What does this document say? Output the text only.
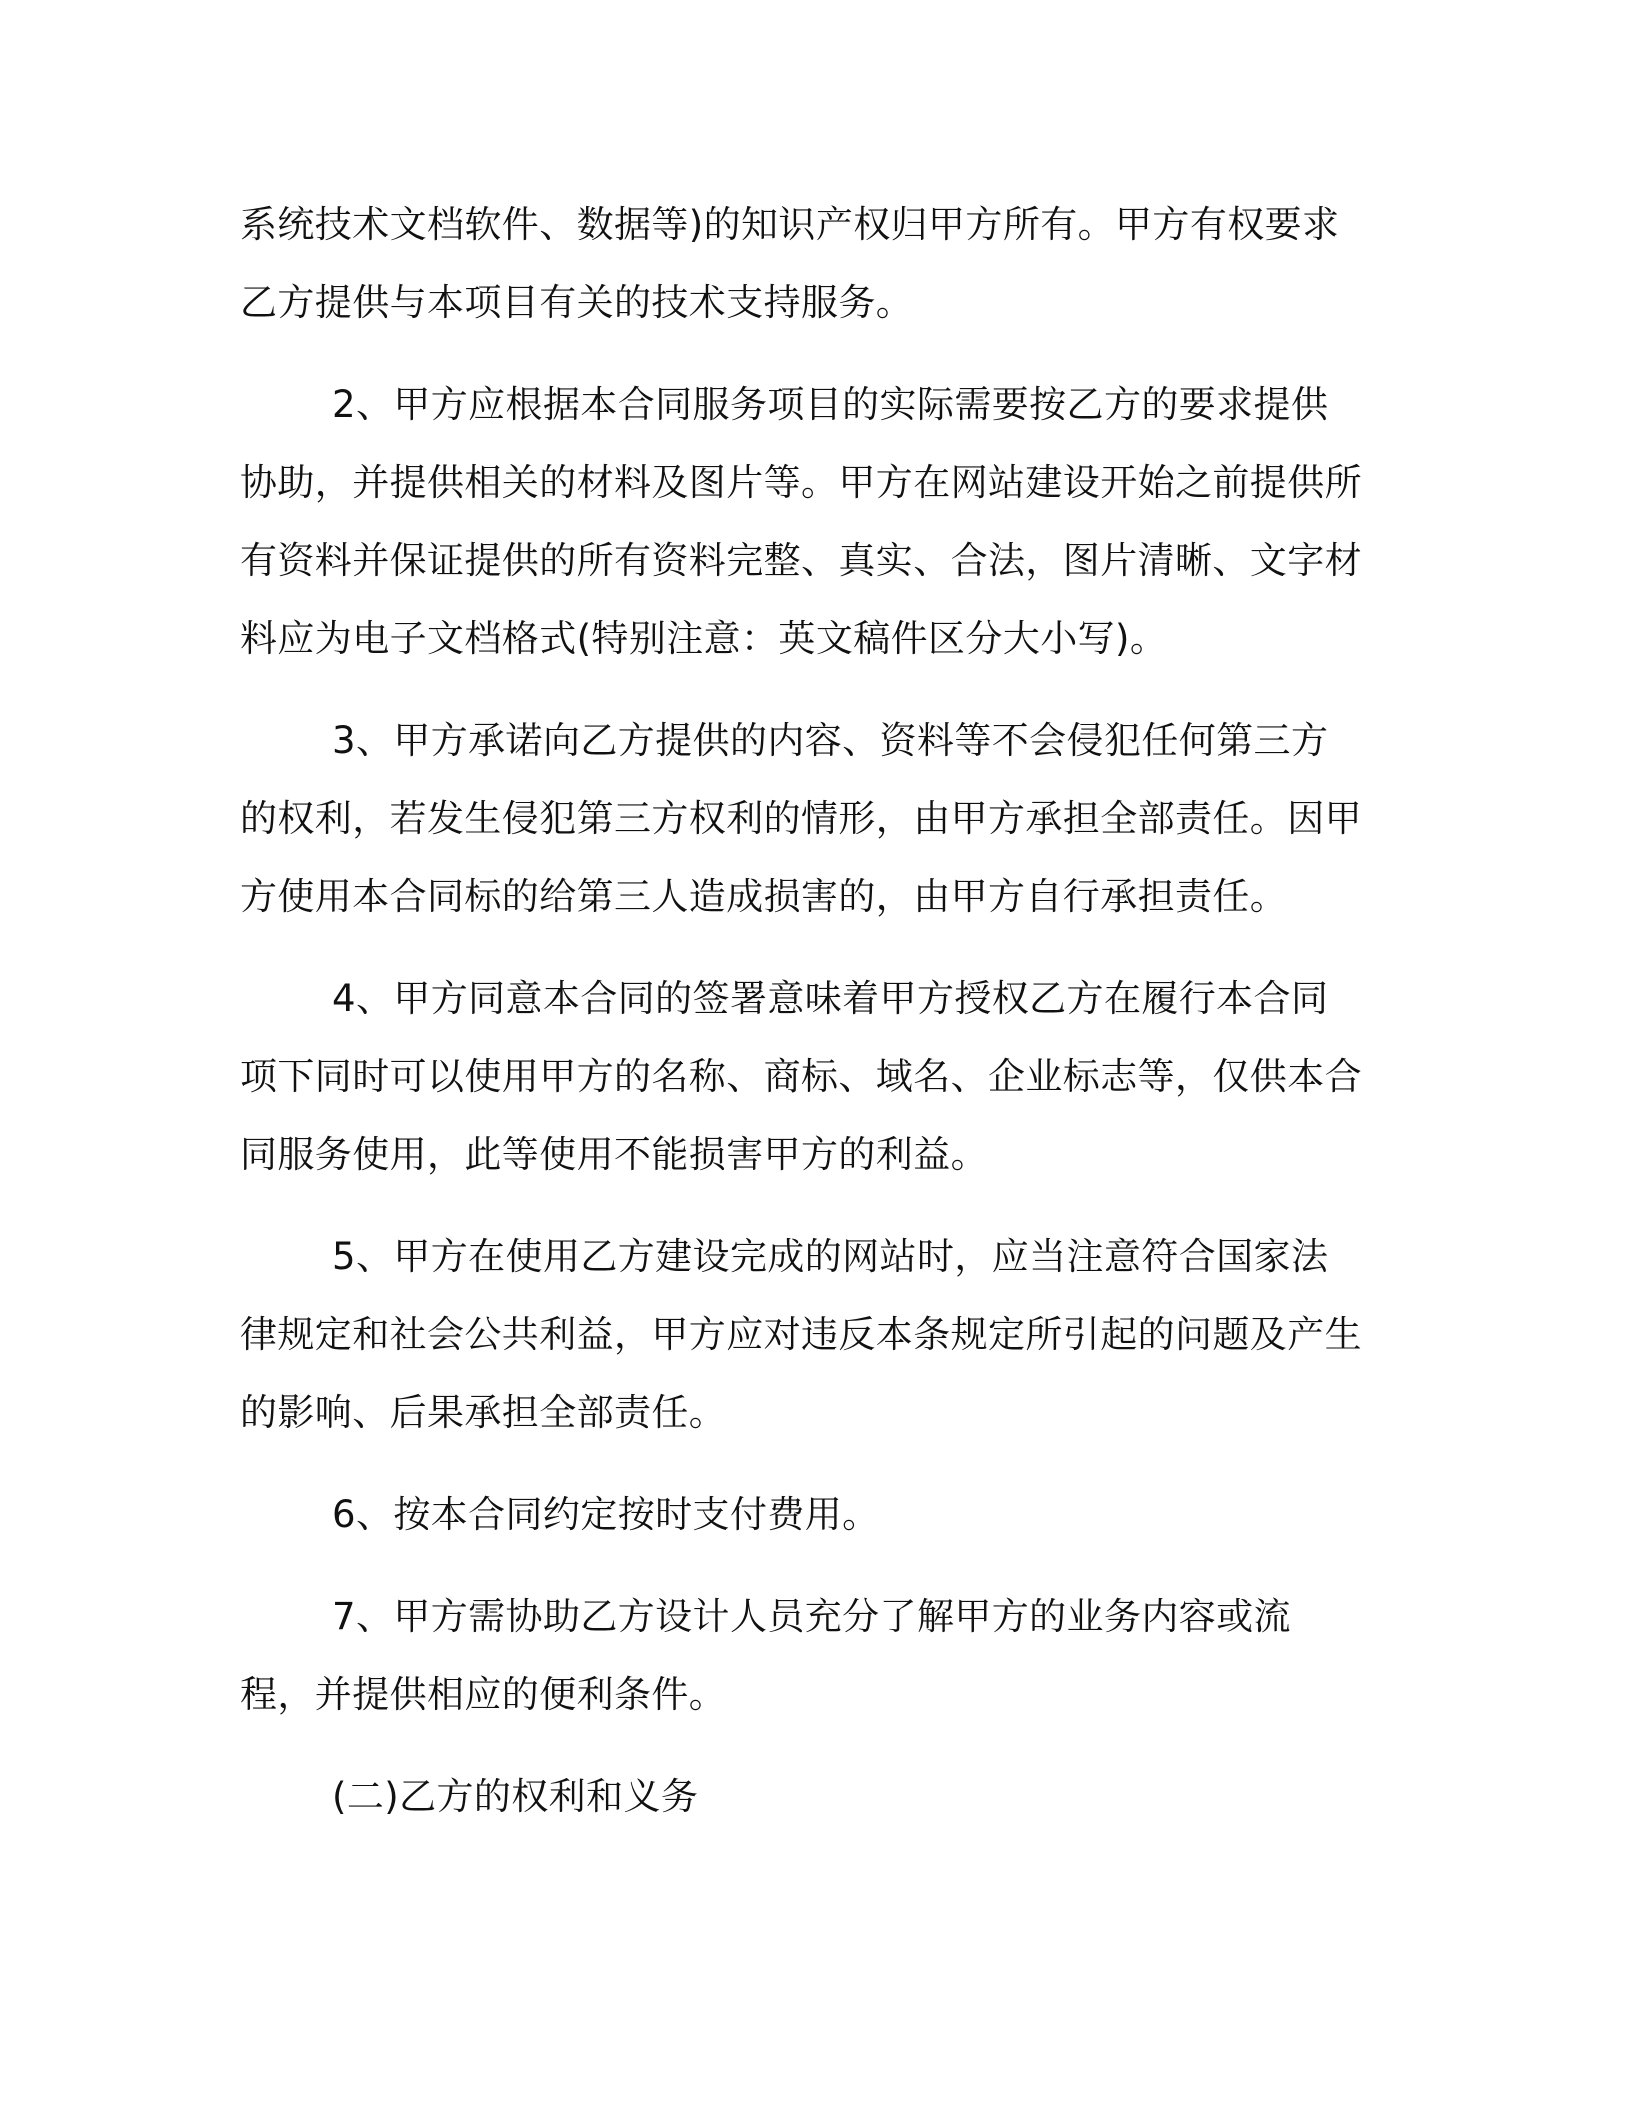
系统技术文档软件、数据等)的知识产权归甲方所有。甲方有权要求乙方提供与本项目有关的技术支持服务。

2、甲方应根据本合同服务项目的实际需要按乙方的要求提供协助，并提供相关的材料及图片等。甲方在网站建设开始之前提供所有资料并保证提供的所有资料完整、真实、合法，图片清晰、文字材料应为电子文档格式(特别注意：英文稿件区分大小写)。

3、甲方承诺向乙方提供的内容、资料等不会侵犯任何第三方的权利，若发生侵犯第三方权利的情形，由甲方承担全部责任。因甲方使用本合同标的给第三人造成损害的，由甲方自行承担责任。

4、甲方同意本合同的签署意味着甲方授权乙方在履行本合同项下同时可以使用甲方的名称、商标、域名、企业标志等，仅供本合同服务使用，此等使用不能损害甲方的利益。

5、甲方在使用乙方建设完成的网站时，应当注意符合国家法律规定和社会公共利益，甲方应对违反本条规定所引起的问题及产生的影响、后果承担全部责任。

6、按本合同约定按时支付费用。

7、甲方需协助乙方设计人员充分了解甲方的业务内容或流程，并提供相应的便利条件。

(二)乙方的权利和义务
